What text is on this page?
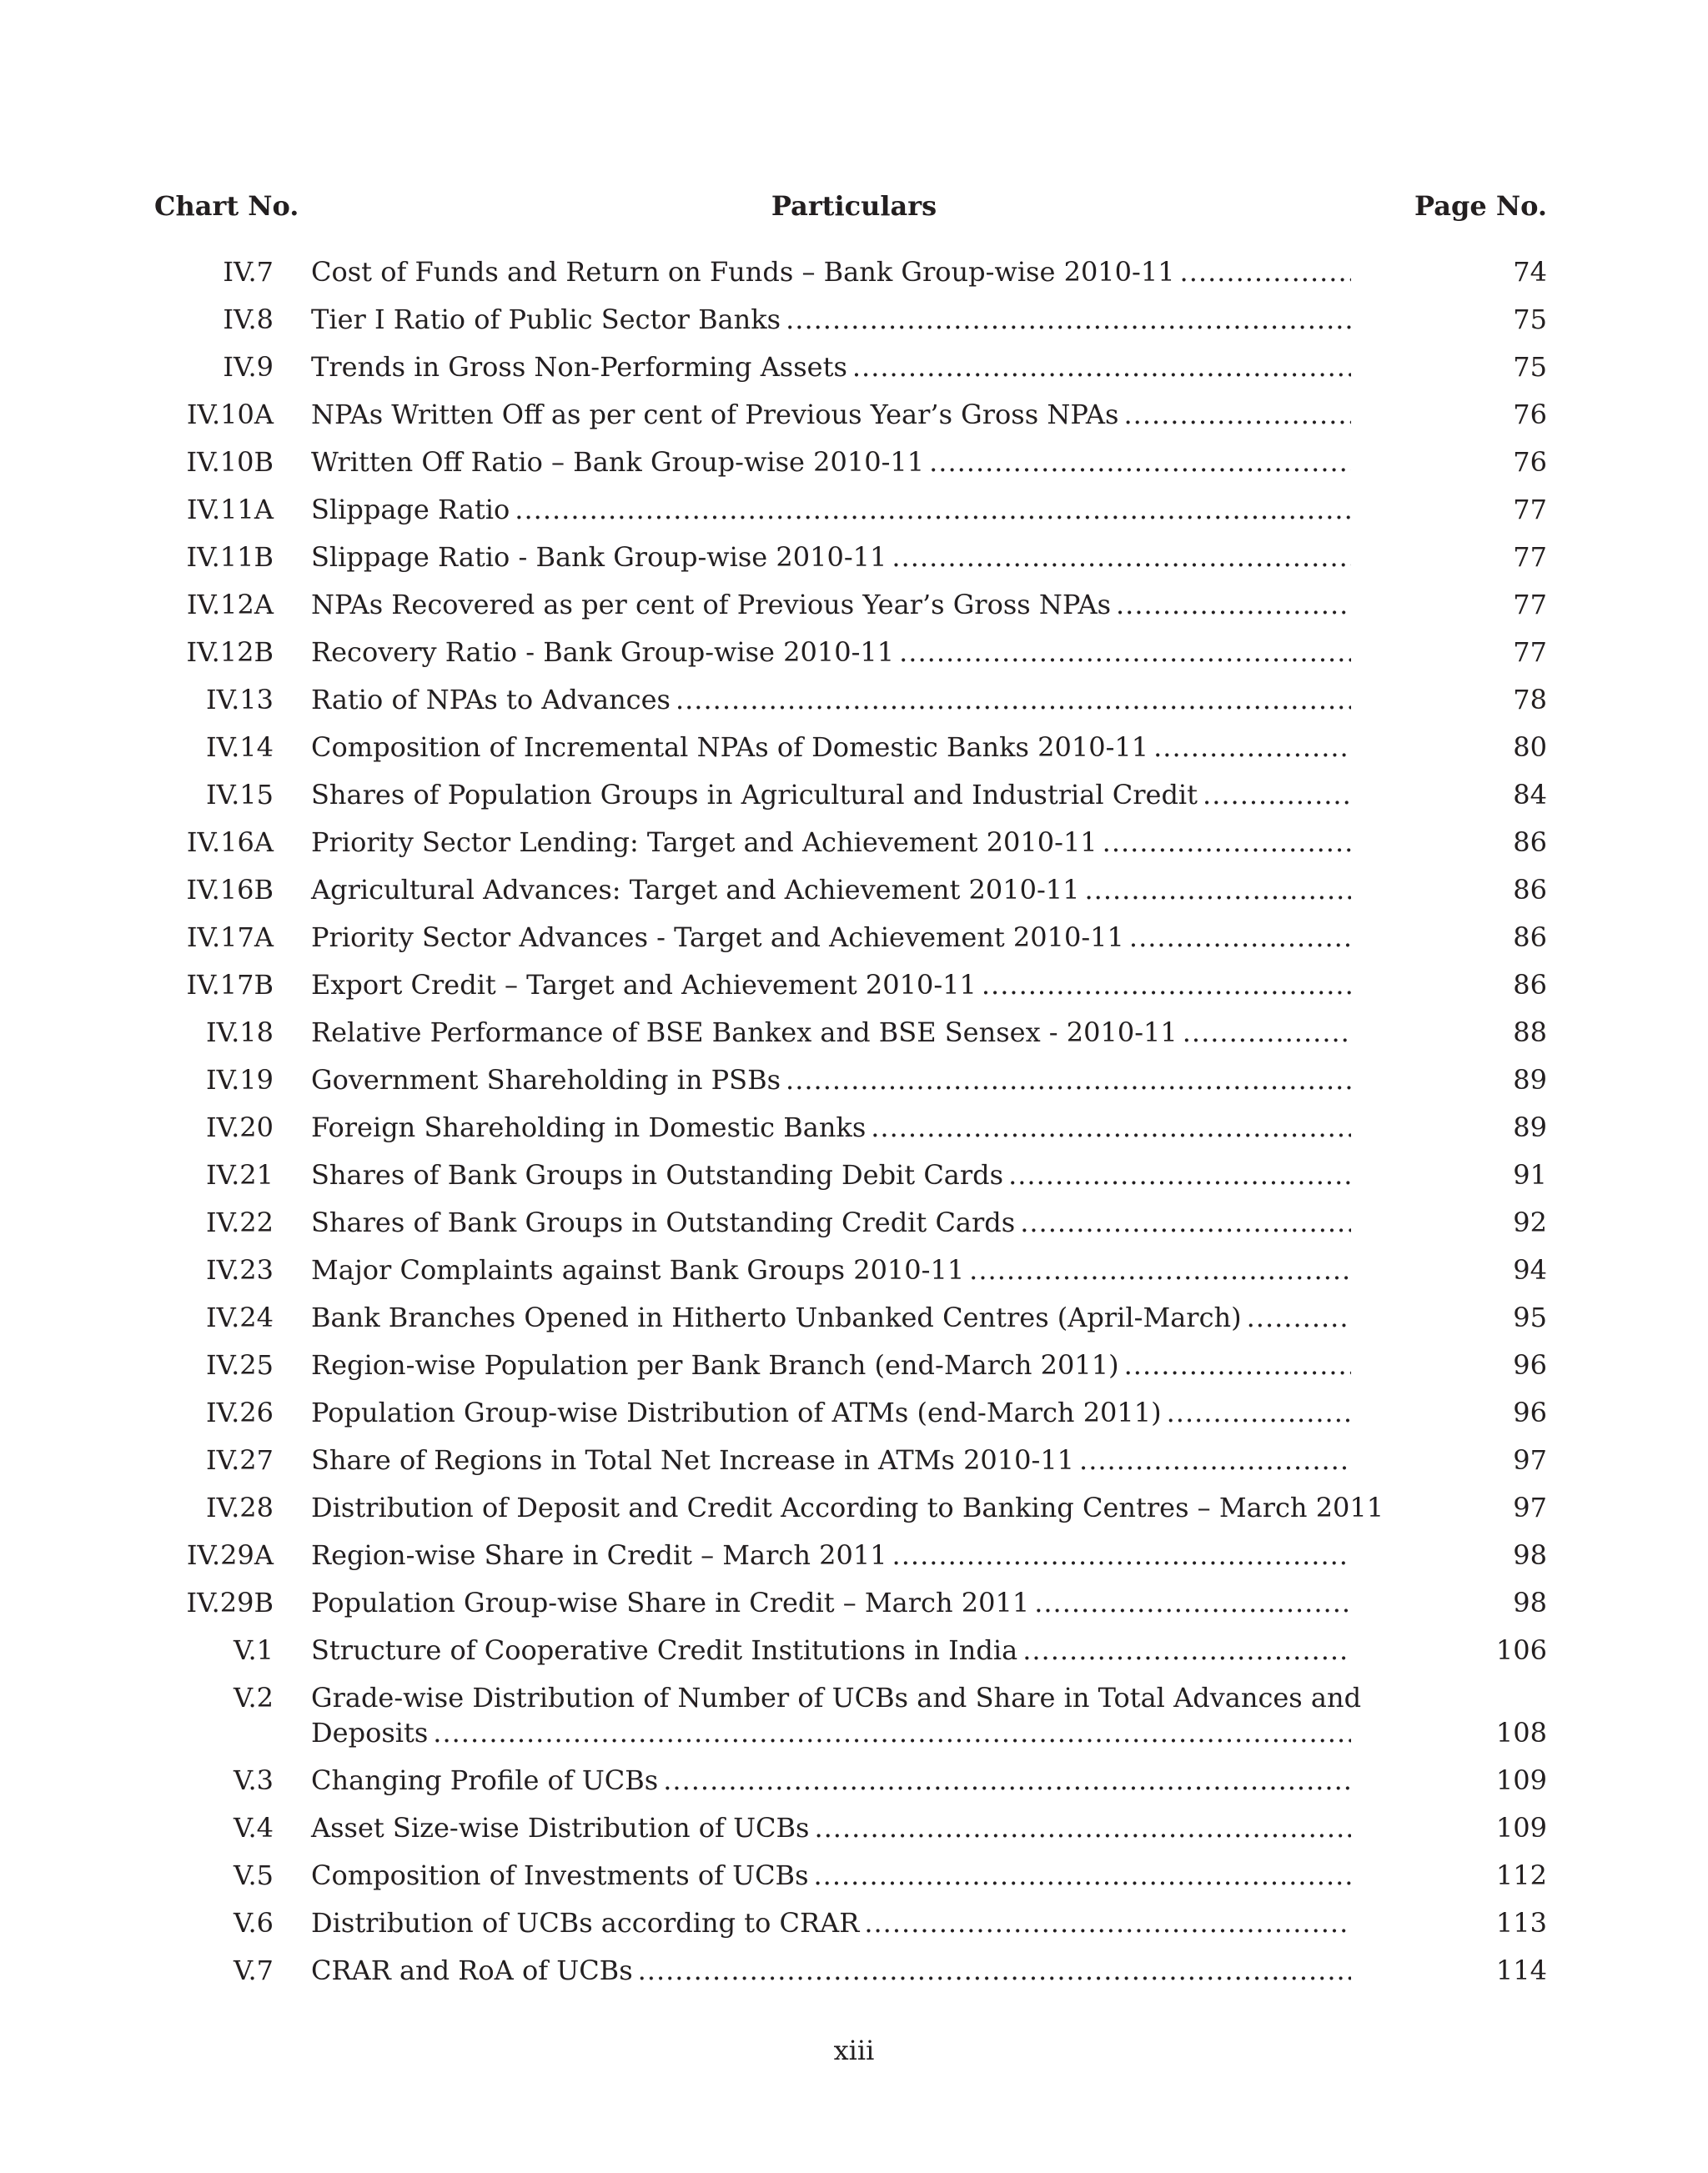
Chart No.	Particulars	Page No.
IV.7 Cost of Funds and Return on Funds – Bank Group-wise 2010-11 .....	74
IV.8 Tier I Ratio of Public Sector Banks .....	75
IV.9 Trends in Gross Non-Performing Assets .....	75
IV.10A NPAs Written Off as per cent of Previous Year’s Gross NPAs .....	76
IV.10B Written Off Ratio – Bank Group-wise 2010-11 .....	76
IV.11A Slippage Ratio .....	77
IV.11B Slippage Ratio - Bank Group-wise 2010-11 .....	77
IV.12A NPAs Recovered as per cent of Previous Year’s Gross NPAs .....	77
IV.12B Recovery Ratio - Bank Group-wise 2010-11 .....	77
IV.13 Ratio of NPAs to Advances .....	78
IV.14 Composition of Incremental NPAs of Domestic Banks 2010-11 .....	80
IV.15 Shares of Population Groups in Agricultural and Industrial Credit .....	84
IV.16A Priority Sector Lending: Target and Achievement 2010-11 .....	86
IV.16B Agricultural Advances: Target and Achievement 2010-11 .....	86
IV.17A Priority Sector Advances - Target and Achievement 2010-11 .....	86
IV.17B Export Credit – Target and Achievement 2010-11 .....	86
IV.18 Relative Performance of BSE Bankex and BSE Sensex - 2010-11 .....	88
IV.19 Government Shareholding in PSBs .....	89
IV.20 Foreign Shareholding in Domestic Banks .....	89
IV.21 Shares of Bank Groups in Outstanding Debit Cards .....	91
IV.22 Shares of Bank Groups in Outstanding Credit Cards .....	92
IV.23 Major Complaints against Bank Groups 2010-11 .....	94
IV.24 Bank Branches Opened in Hitherto Unbanked Centres (April-March) .....	95
IV.25 Region-wise Population per Bank Branch (end-March 2011) .....	96
IV.26 Population Group-wise Distribution of ATMs (end-March 2011) .....	96
IV.27 Share of Regions in Total Net Increase in ATMs 2010-11 .....	97
IV.28 Distribution of Deposit and Credit According to Banking Centres – March 2011 .....	97
IV.29A Region-wise Share in Credit – March 2011 .....	98
IV.29B Population Group-wise Share in Credit – March 2011 .....	98
V.1 Structure of Cooperative Credit Institutions in India .....	106
V.2 Grade-wise Distribution of Number of UCBs and Share in Total Advances and
Deposits .....	108
V.3 Changing Profile of UCBs .....	109
V.4 Asset Size-wise Distribution of UCBs .....	109
V.5 Composition of Investments of UCBs .....	112
V.6 Distribution of UCBs according to CRAR .....	113
V.7 CRAR and RoA of UCBs .....	114
xiii
